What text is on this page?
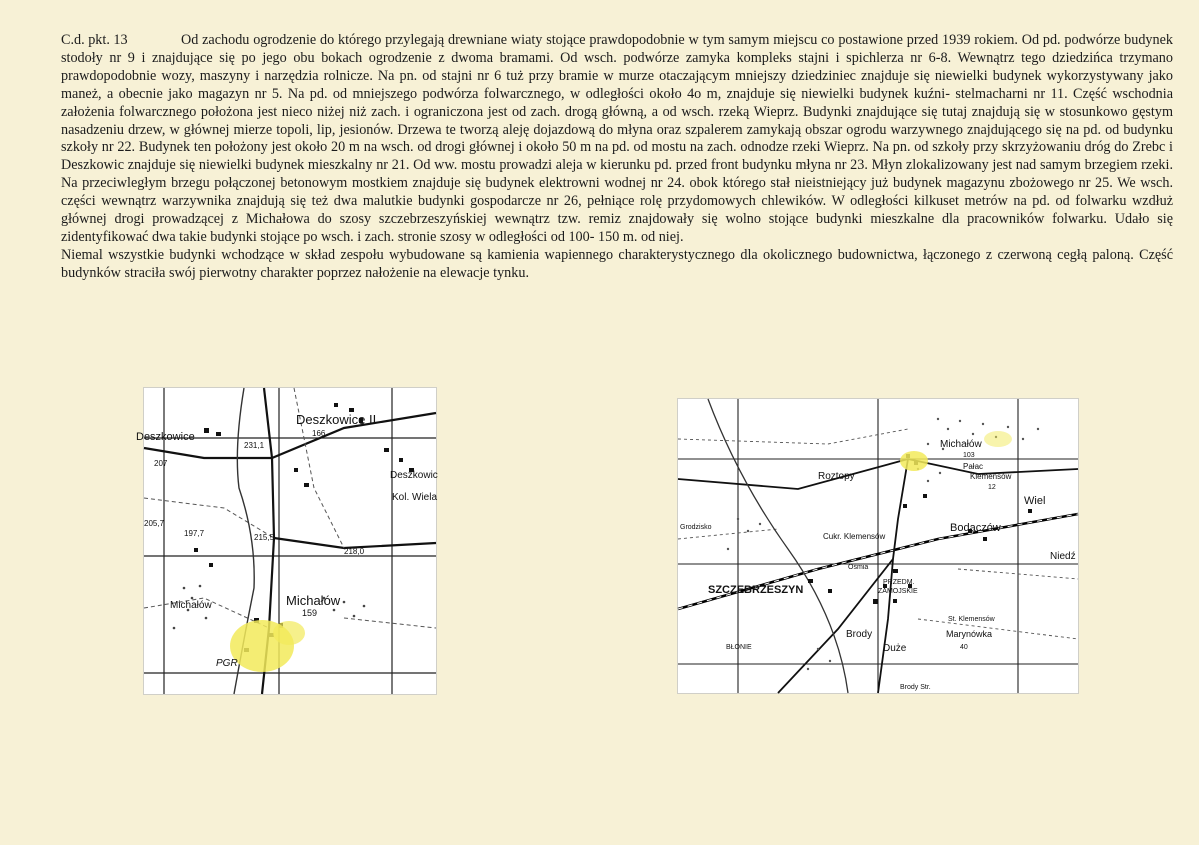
C.d. pkt. 13	Od zachodu ogrodzenie do którego przylegają drewniane wiaty stojące prawdopodobnie w tym samym miejscu co postawione przed 1939 rokiem. Od pd. podwórze budynek stodoły nr 9 i znajdujące się po jego obu bokach ogrodzenie z dwoma bramami. Od wsch. podwórze zamyka kompleks stajni i spichlerza nr 6-8. Wewnątrz tego dziedzińca trzymano prawdopodobnie wozy, maszyny i narzędzia rolnicze. Na pn. od stajni nr 6 tuż przy bramie w murze otaczającym mniejszy dziedziniec znajduje się niewielki budynek wykorzystywany jako maneż, a obecnie jako magazyn nr 5. Na pd. od mniejszego podwórza folwarcznego, w odległości około 4o m, znajduje się niewielki budynek kuźni- stelmacharni nr 11. Część wschodnia założenia folwarcznego położona jest nieco niżej niż zach. i ograniczona jest od zach. drogą główną, a od wsch. rzeką Wieprz. Budynki znajdujące się tutaj znajdują się w stosunkowo gęstym nasadzeniu drzew, w głównej mierze topoli, lip, jesionów. Drzewa te tworzą aleję dojazdową do młyna oraz szpalerem zamykają obszar ogrodu warzywnego znajdującego się na pd. od budynku szkoły nr 22. Budynek ten położony jest około 20 m na wsch. od drogi głównej i około 50 m na pd. od mostu na zach. odnodze rzeki Wieprz. Na pn. od szkoły przy skrzyżowaniu dróg do Zrebc i Deszkowic znajduje się niewielki budynek mieszkalny nr 21. Od ww. mostu prowadzi aleja w kierunku pd. przed front budynku młyna nr 23. Młyn zlokalizowany jest nad samym brzegiem rzeki. Na przeciwległym brzegu połączonej betonowym mostkiem znajduje się budynek elektrowni wodnej nr 24. obok którego stał nieistniejący już budynek magazynu zbożowego nr 25. We wsch. części wewnątrz warzywnika znajdują się też dwa malutkie budynki gospodarcze nr 26, pełniące rolę przydomowych chlewików. W odległości kilkuset metrów na pd. od folwarku wzdłuż głównej drogi prowadzącej z Michałowa do szosy szczebrzeszyńskiej wewnątrz tzw. remiz znajdowały się wolno stojące budynki mieszkalne dla pracowników folwarku. Udało się zidentyfikować dwa takie budynki stojące po wsch. i zach. stronie szosy w odległości od 100- 150 m. od niej.

Niemal wszystkie budynki wchodzące w skład zespołu wybudowane są kamienia wapiennego charakterystycznego dla okolicznego budownictwa, łączonego z czerwoną cegłą paloną. Część budynków straciła swój pierwotny charakter poprzez nałożenie na elewacje tynku.

Deszkowice
Deszkowice II
Deszkowic
Kol. Wiela
Michałów	Michałów
159
PGR
166
205,7
207
197,7	215,5
218,0
231,1	Michałów
103
Pałac
Klemensów
12
Roztopy
Wiel
Bodaczów
Niedź
Cukr. Klemensów
SZCZEBRZESZYN
PRZEDM.
ZAMOJSKIE
Brody
Duże
St. Klemensów
Marynówka
40
BŁONIE
Grodzisko
Ośmia
Brody Str.
